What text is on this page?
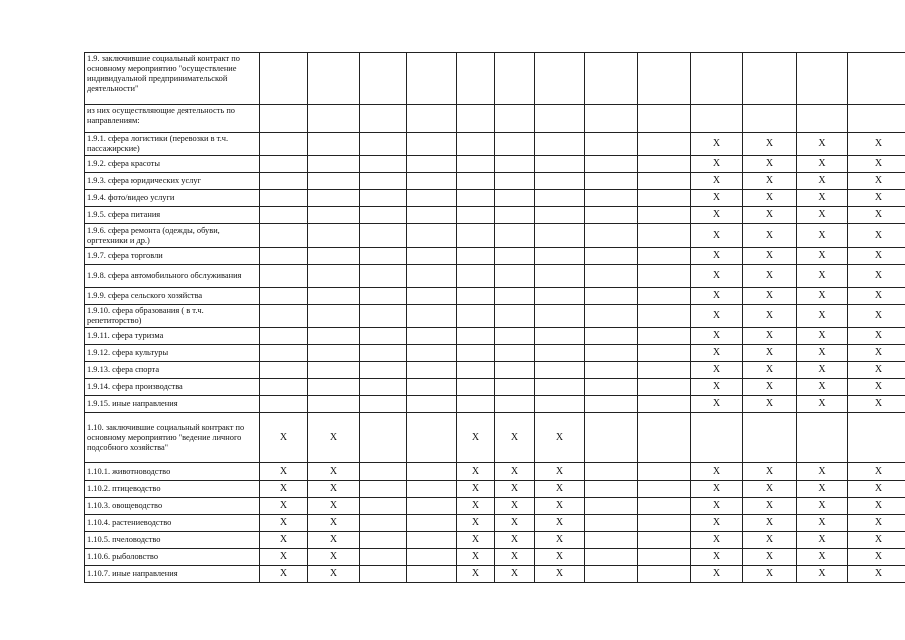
1.9. заключившие социальный контракт по основному мероприятию "осуществление индивидуальной предпринимательской деятельности"													
из них осуществляющие деятельность по направлениям:													
1.9.1. сфера логистики (перевозки в т.ч. пассажирские)										X	X	X	X
1.9.2. сфера красоты										X	X	X	X
1.9.3. сфера юридических услуг										X	X	X	X
1.9.4. фото/видео услуги										X	X	X	X
1.9.5. сфера питания										X	X	X	X
1.9.6. сфера ремонта (одежды, обуви, оргтехники и др.)										X	X	X	X
1.9.7. сфера торговли										X	X	X	X
1.9.8. сфера автомобильного обслуживания										X	X	X	X
1.9.9. сфера сельского хозяйства										X	X	X	X
1.9.10. сфера образования ( в т.ч. репетиторство)										X	X	X	X
1.9.11. сфера туризма										X	X	X	X
1.9.12. сфера культуры										X	X	X	X
1.9.13. сфера спорта										X	X	X	X
1.9.14. сфера производства										X	X	X	X
1.9.15. иные направления										X	X	X	X
1.10. заключившие социальный контракт по основному мероприятию "ведение личного подсобного хозяйства"	X	X			X	X	X						
1.10.1. животноводство	X	X			X	X	X			X	X	X	X
1.10.2. птицеводство	X	X			X	X	X			X	X	X	X
1.10.3. овощеводство	X	X			X	X	X			X	X	X	X
1.10.4. растениеводство	X	X			X	X	X			X	X	X	X
1.10.5. пчеловодство	X	X			X	X	X			X	X	X	X
1.10.6. рыболовство	X	X			X	X	X			X	X	X	X
1.10.7. иные направления	X	X			X	X	X			X	X	X	X
